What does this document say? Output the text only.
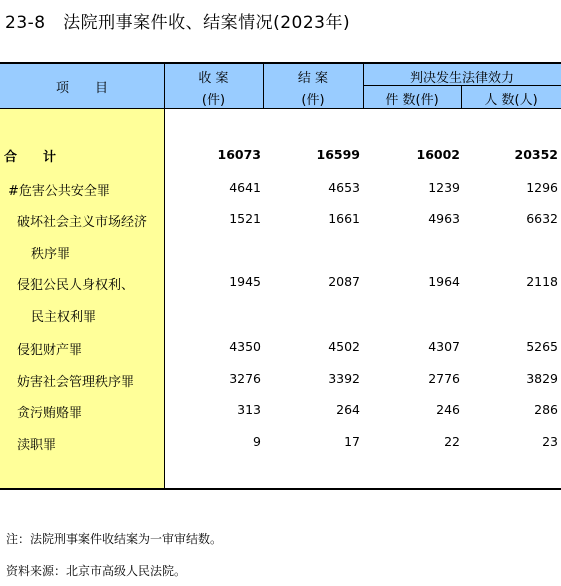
23-8　法院刑事案件收、结案情况(2023年)
项　　目
收 案
(件)
结 案
(件)
判决发生法律效力
件 数(件)	人 数(人)
合　　计	16073	16599	16002	20352
#危害公共安全罪	4641	4653	1239	1296
破坏社会主义市场经济
秩序罪
1521	1661	4963	6632
侵犯公民人身权利、
民主权利罪
1945	2087	1964	2118
侵犯财产罪	4350	4502	4307	5265
妨害社会管理秩序罪	3276	3392	2776	3829
贪污贿赂罪	313	264	246	286
渎职罪	9	17	22	23
注：法院刑事案件收结案为一审审结数。
资料来源：北京市高级人民法院。
